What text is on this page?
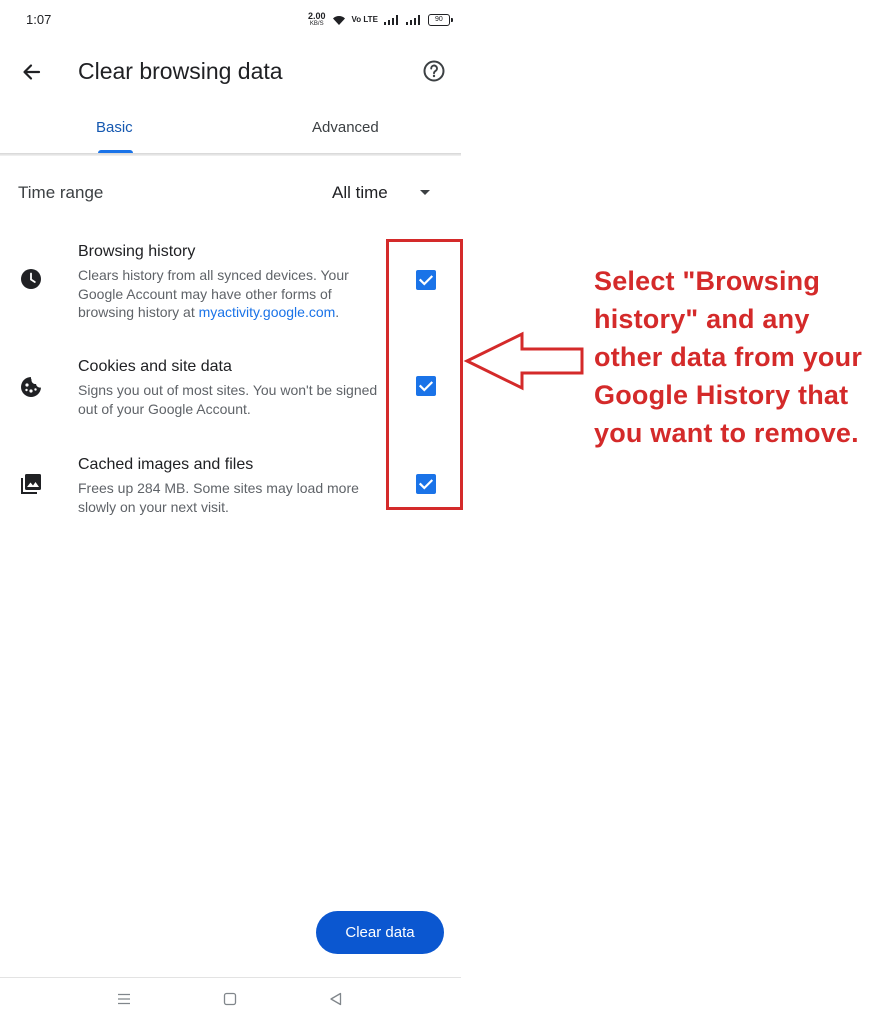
1:07	2.00
KB/S	Vo LTE	90
Clear browsing data
Basic	Advanced
Time range	All time
Browsing history
Clears history from all synced devices. Your Google Account may have other forms of browsing history at myactivity.google.com.
Cookies and site data
Signs you out of most sites. You won't be signed out of your Google Account.
Cached images and files
Frees up 284 MB. Some sites may load more slowly on your next visit.
Select "Browsing
history" and any
other data from your
Google History that
you want to remove.
Clear data
